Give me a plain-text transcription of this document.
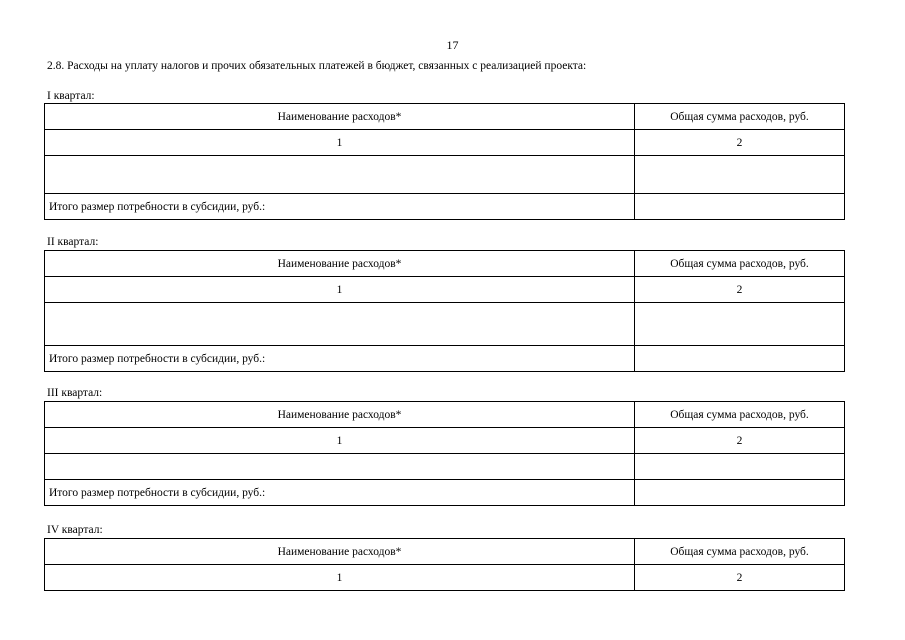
17
2.8. Расходы на уплату налогов и прочих обязательных платежей в бюджет, связанных с реализацией проекта:
I квартал:
Наименование расходов*	Общая сумма расходов, руб.
1	2

Итого размер потребности в субсидии, руб.:	
II квартал:
Наименование расходов*	Общая сумма расходов, руб.
1	2

Итого размер потребности в субсидии, руб.:	
III квартал:
Наименование расходов*	Общая сумма расходов, руб.
1	2

Итого размер потребности в субсидии, руб.:	
IV квартал:
Наименование расходов*	Общая сумма расходов, руб.
1	2
